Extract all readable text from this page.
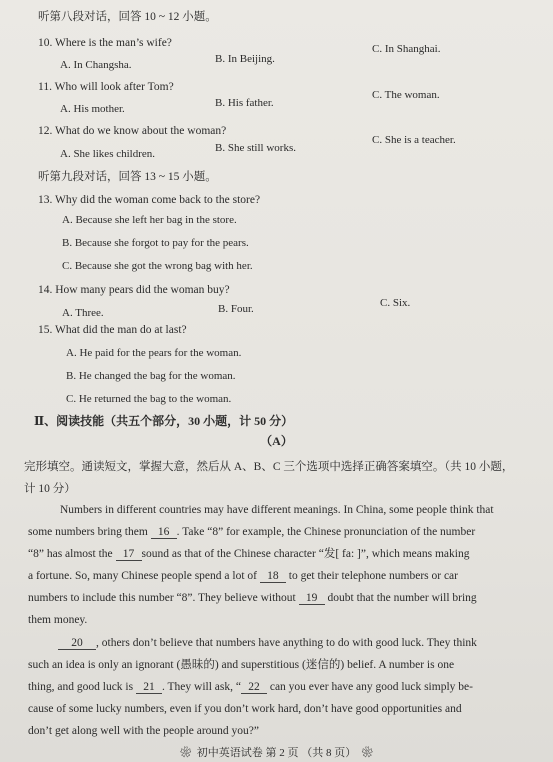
听第八段对话，回答 10 ~ 12 小题。
10. Where is the man’s wife?
A. In Changsha.	B. In Beijing.
C. In Shanghai.
11. Who will look after Tom?
A. His mother.	B. His father.
C. The woman.
12. What do we know about the woman?
A. She likes children.	B. She still works.
C. She is a teacher.
听第九段对话，回答 13 ~ 15 小题。
13. Why did the woman come back to the store?
A. Because she left her bag in the store.
B. Because she forgot to pay for the pears.
C. Because she got the wrong bag with her.
14. How many pears did the woman buy?
A. Three.	B. Four.	C. Six.
15. What did the man do at last?
A. He paid for the pears for the woman.
B. He changed the bag for the woman.
C. He returned the bag to the woman.
Ⅱ、阅读技能（共五个部分，30 小题，计 50 分）
（A）
完形填空。通读短文，掌握大意，然后从 A、B、C 三个选项中选择正确答案填空。（共 10 小题，
计 10 分）
Numbers in different countries may have different meanings. In China, some people think that
some numbers bring them 16 . Take “8” for example, the Chinese pronunciation of the number
“8” has almost the 17 sound as that of the Chinese character “发[ fa: ]”, which means making
a fortune. So, many Chinese people spend a lot of 18 to get their telephone numbers or car
numbers to include this number “8”. They believe without 19 doubt that the number will bring
them money.
20 , others don’t believe that numbers have anything to do with good luck. They think
such an idea is only an ignorant (愚昧的) and superstitious (迷信的) belief. A number is one
thing, and good luck is 21 . They will ask, “ 22 can you ever have any good luck simply be-
cause of some lucky numbers, even if you don’t work hard, don’t have good opportunities and
don’t get along well with the people around you?”
❀ 初中英语试卷 第 2 页 （共 8 页） ❀
